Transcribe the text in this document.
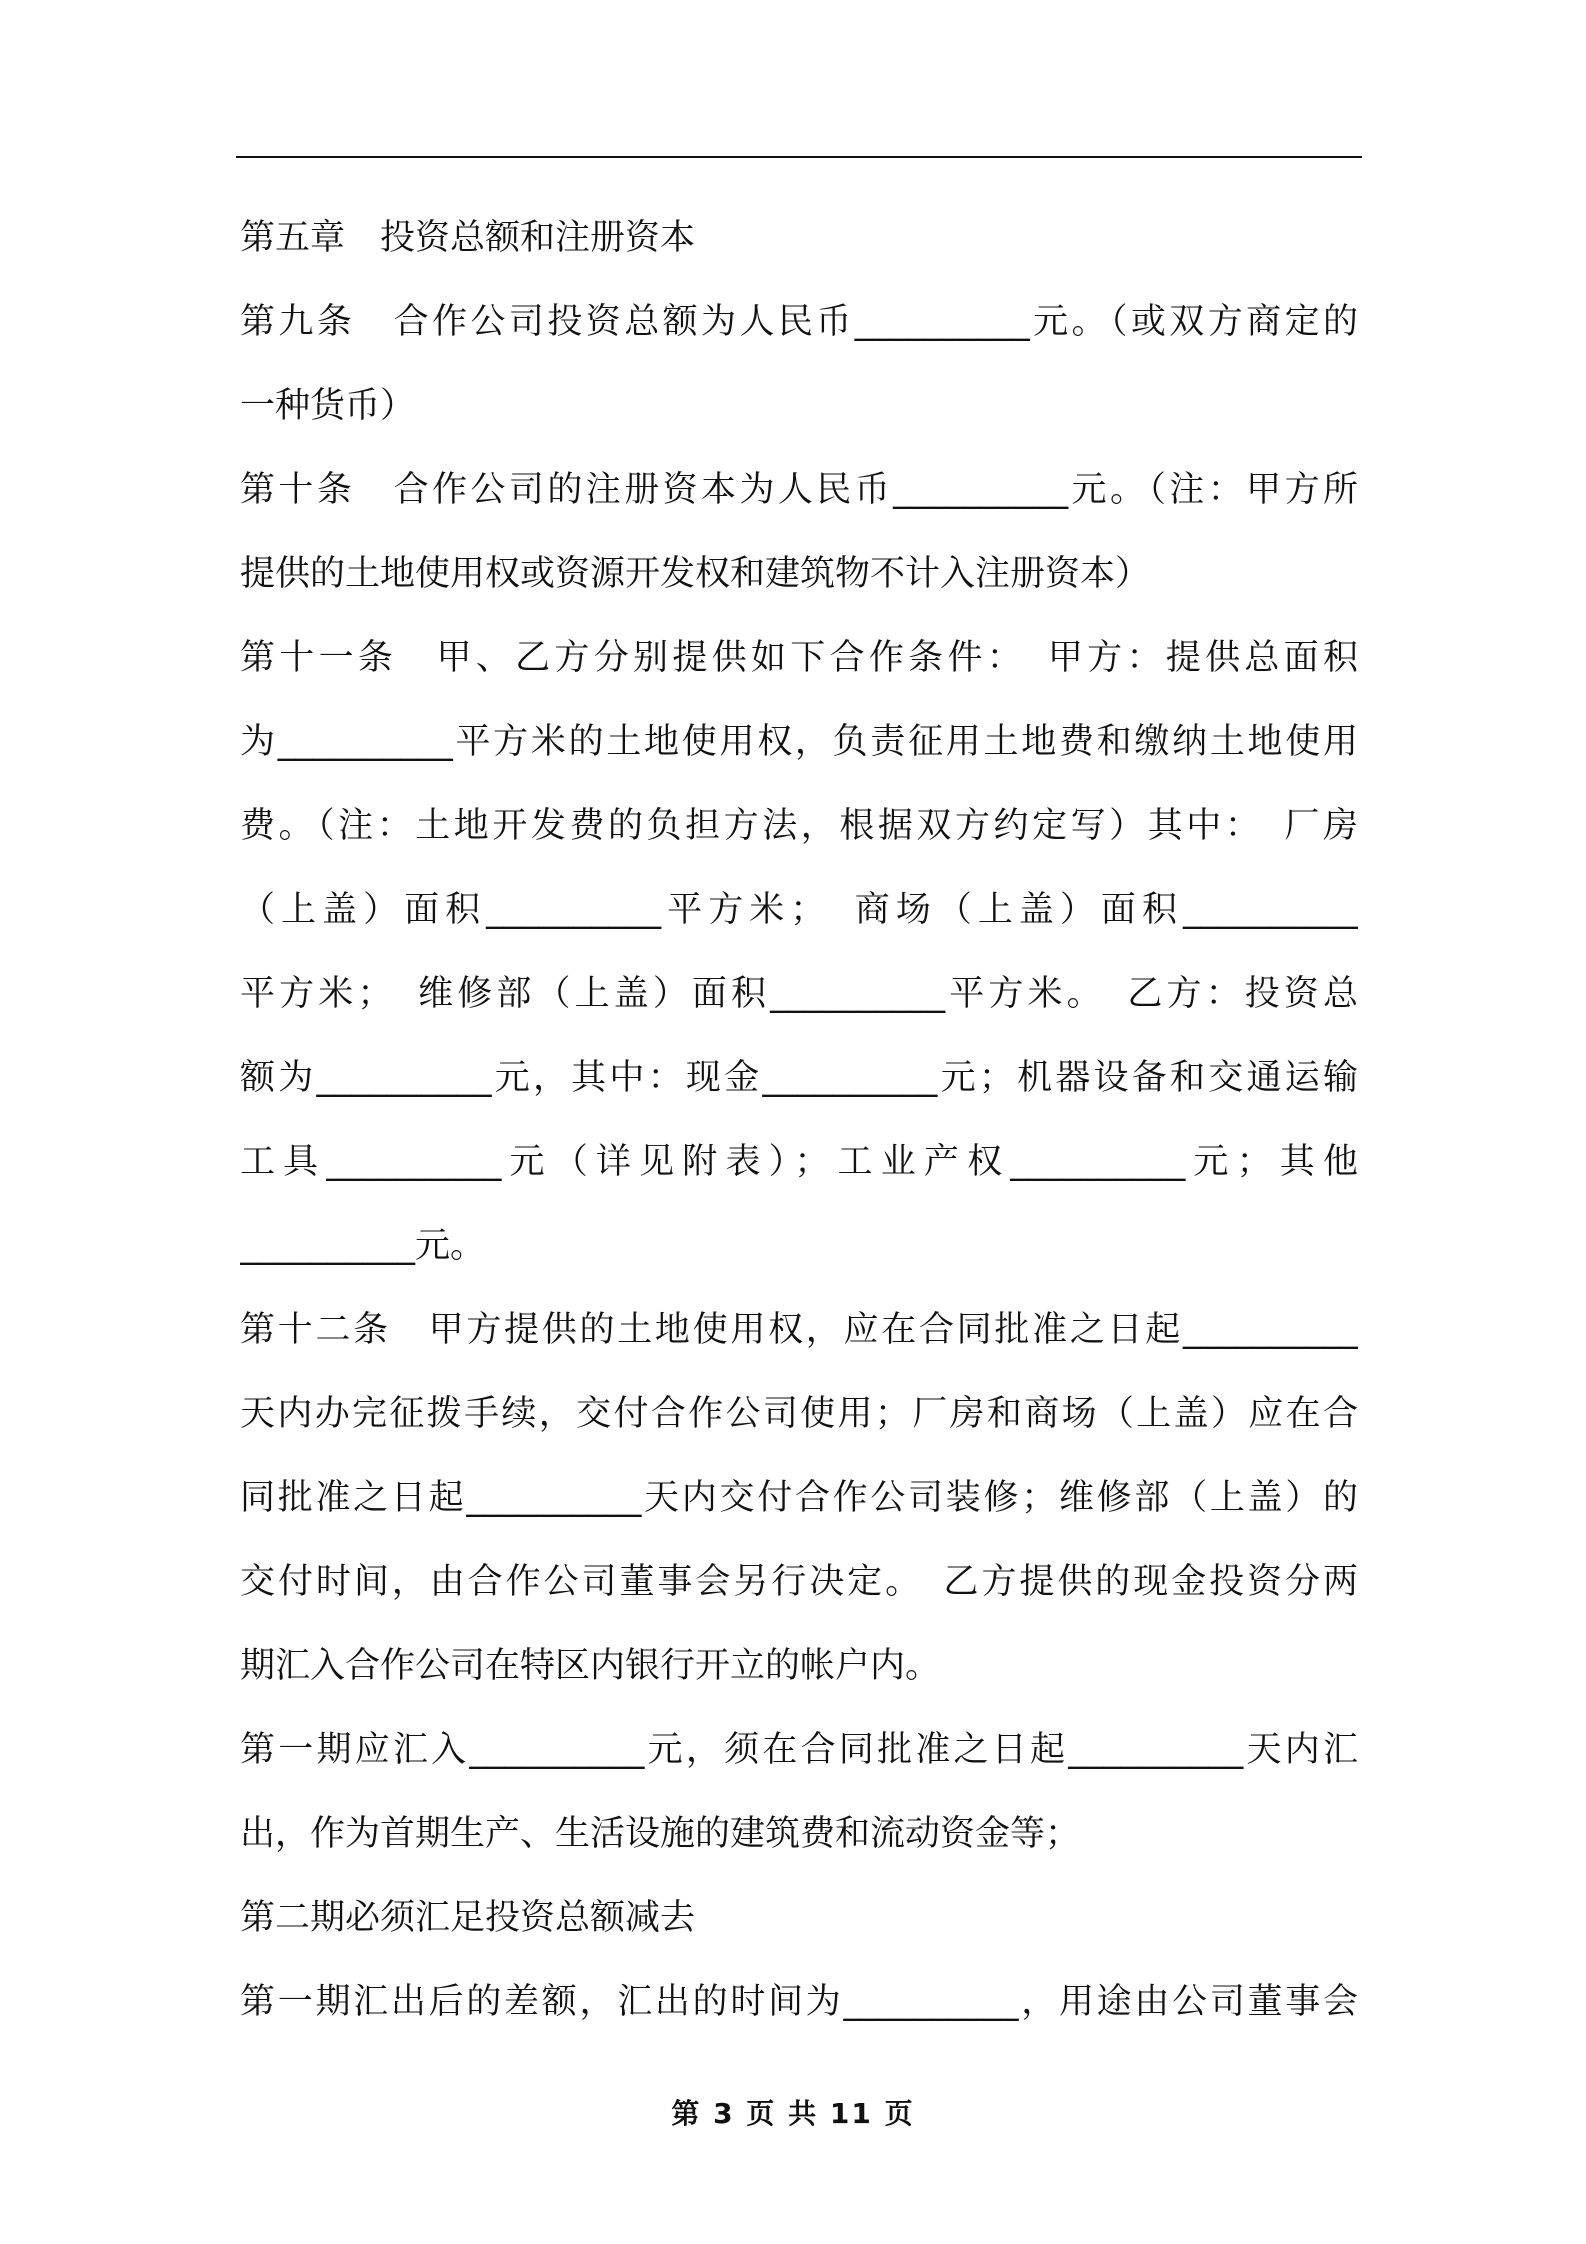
第五章　投资总额和注册资本
第九条　合作公司投资总额为人民币__________元。（或双方商定的
一种货币）
第十条　合作公司的注册资本为人民币__________元。（注：甲方所
提供的土地使用权或资源开发权和建筑物不计入注册资本）
第十一条　甲、乙方分别提供如下合作条件：　甲方：提供总面积
为__________平方米的土地使用权，负责征用土地费和缴纳土地使用
费。（注：土地开发费的负担方法，根据双方约定写）其中：　厂房
（上盖）面积__________平方米；　商场（上盖）面积__________
平方米；　维修部（上盖）面积__________平方米。　乙方：投资总
额为__________元，其中：现金__________元；机器设备和交通运输
工具__________元（详见附表）；工业产权__________元；其他
__________元。
第十二条　甲方提供的土地使用权，应在合同批准之日起__________
天内办完征拨手续，交付合作公司使用；厂房和商场（上盖）应在合
同批准之日起__________天内交付合作公司装修；维修部（上盖）的
交付时间，由合作公司董事会另行决定。　乙方提供的现金投资分两
期汇入合作公司在特区内银行开立的帐户内。
第一期应汇入__________元，须在合同批准之日起__________天内汇
出，作为首期生产、生活设施的建筑费和流动资金等；
第二期必须汇足投资总额减去
第一期汇出后的差额，汇出的时间为__________，用途由公司董事会
第 3 页 共 11 页
